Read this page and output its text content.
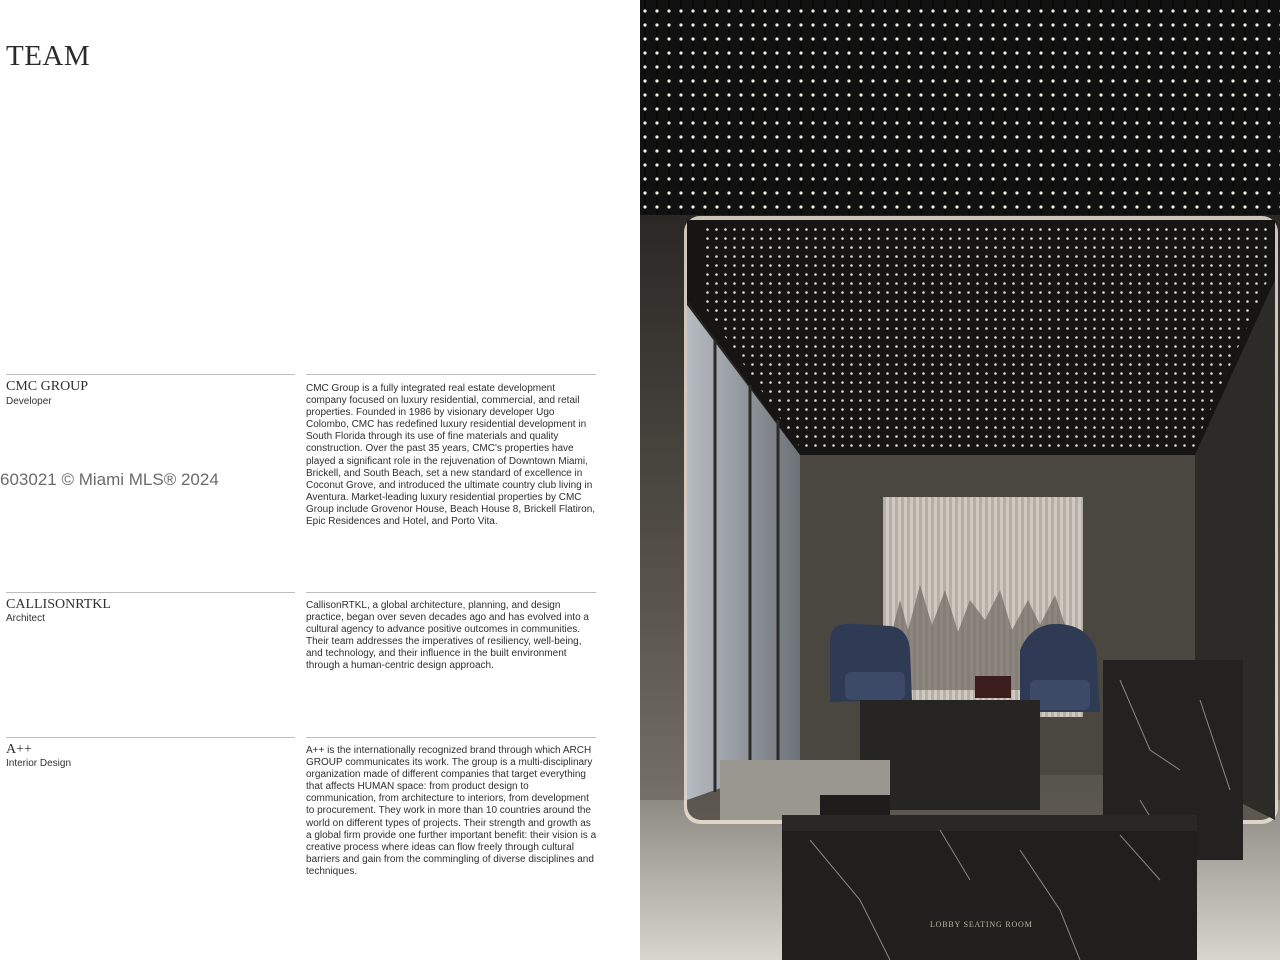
TEAM
CMC GROUP
Developer
CMC Group is a fully integrated real estate development company focused on luxury residential, commercial, and retail properties. Founded in 1986 by visionary developer Ugo Colombo, CMC has redefined luxury residential development in South Florida through its use of fine materials and quality construction. Over the past 35 years, CMC's properties have played a significant role in the rejuvenation of Downtown Miami, Brickell, and South Beach, set a new standard of excellence in Coconut Grove, and introduced the ultimate country club living in Aventura. Market-leading luxury residential properties by CMC Group include Grovenor House, Beach House 8, Brickell Flatiron, Epic Residences and Hotel, and Porto Vita.
CALLISONRTKL
Architect
CallisonRTKL, a global architecture, planning, and design practice, began over seven decades ago and has evolved into a cultural agency to advance positive outcomes in communities. Their team addresses the imperatives of resiliency, well-being, and technology, and their influence in the built environment through a human-centric design approach.
A++
Interior Design
A++ is the internationally recognized brand through which ARCH GROUP communicates its work. The group is a multi-disciplinary organization made of different companies that target everything that affects HUMAN space: from product design to communication, from architecture to interiors, from development to procurement. They work in more than 10 countries around the world on different types of projects. Their strength and growth as a global firm provide one further important benefit: their vision is a creative process where ideas can flow freely through cultural barriers and gain from the commingling of diverse disciplines and techniques.
603021 © Miami MLS® 2024
LOBBY SEATING ROOM
